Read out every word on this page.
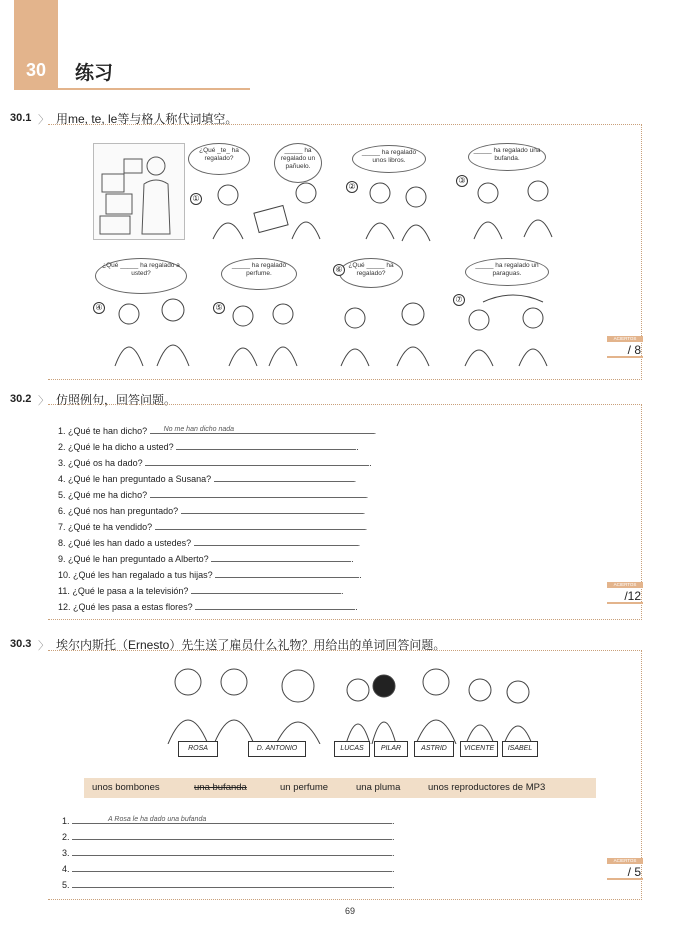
30	练习
30.1 〉 用me, te, le等与格人称代词填空。
¿Qué _te_ ha regalado?
_____ ha regalado un pañuelo.
_____ ha regalado unos libros.
_____ ha regalado una bufanda.
①
②
③
¿Qué _____ ha regalado a usted?
_____ ha regalado perfume.
¿Qué _____ ha regalado?
_____ ha regalado un paraguas.
④	⑤
⑥
⑦
ACIERTOS
/ 8
30.2 〉 仿照例句，回答问题。
1. ¿Qué te han dicho? No me han dicho nada	.
2. ¿Qué le ha dicho a usted?	.
3. ¿Qué os ha dado?	.
4. ¿Qué le han preguntado a Susana?	.
5. ¿Qué me ha dicho?	.
6. ¿Qué nos han preguntado?	.
7. ¿Qué te ha vendido?	.
8. ¿Qué les han dado a ustedes?	.
9. ¿Qué le han preguntado a Alberto?	.
10. ¿Qué les han regalado a tus hijas?	.
11. ¿Qué le pasa a la televisión?	.
12. ¿Qué les pasa a estas flores?	.
ACIERTOS
/12
30.3 〉 埃尔内斯托（Ernesto）先生送了雇员什么礼物？用给出的单词回答问题。
ROSA	D. ANTONIO	LUCAS	PILAR	ASTRID	VICENTE	ISABEL
unos bombones	una bufanda	un perfume	una pluma	unos reproductores de MP3
1.	A Rosa le ha dado una bufanda	.
2.	.
3.	.
4.	.
5.	.
ACIERTOS
/ 5
69
